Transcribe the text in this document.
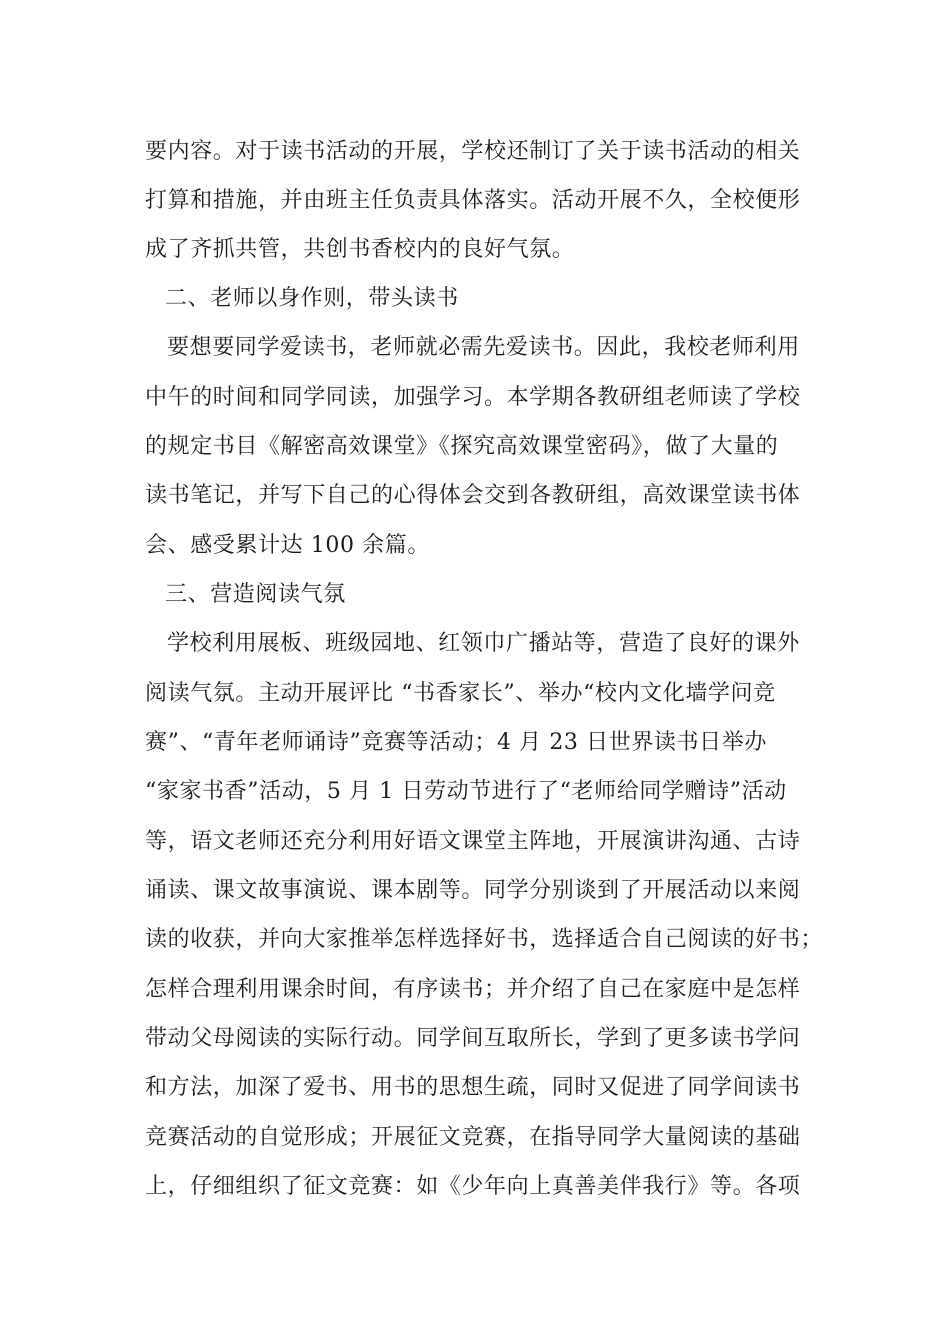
要内容。对于读书活动的开展，学校还制订了关于读书活动的相关
打算和措施，并由班主任负责具体落实。活动开展不久，全校便形
成了齐抓共管，共创书香校内的良好气氛。
二、老师以身作则，带头读书
要想要同学爱读书，老师就必需先爱读书。因此，我校老师利用
中午的时间和同学同读，加强学习。本学期各教研组老师读了学校
的规定书目《解密高效课堂》《探究高效课堂密码》，做了大量的
读书笔记，并写下自己的心得体会交到各教研组，高效课堂读书体
会、感受累计达 100 余篇。
三、营造阅读气氛
学校利用展板、班级园地、红领巾广播站等，营造了良好的课外
阅读气氛。主动开展评比 “书香家长”、举办“校内文化墙学问竞
赛”、“青年老师诵诗”竞赛等活动；4 月 23 日世界读书日举办
“家家书香”活动，5 月 1 日劳动节进行了“老师给同学赠诗”活动
等，语文老师还充分利用好语文课堂主阵地，开展演讲沟通、古诗
诵读、课文故事演说、课本剧等。同学分别谈到了开展活动以来阅
读的收获，并向大家推举怎样选择好书，选择适合自己阅读的好书；
怎样合理利用课余时间，有序读书；并介绍了自己在家庭中是怎样
带动父母阅读的实际行动。同学间互取所长，学到了更多读书学问
和方法，加深了爱书、用书的思想生疏，同时又促进了同学间读书
竞赛活动的自觉形成；开展征文竞赛，在指导同学大量阅读的基础
上，仔细组织了征文竞赛：如《少年向上真善美伴我行》等。各项
